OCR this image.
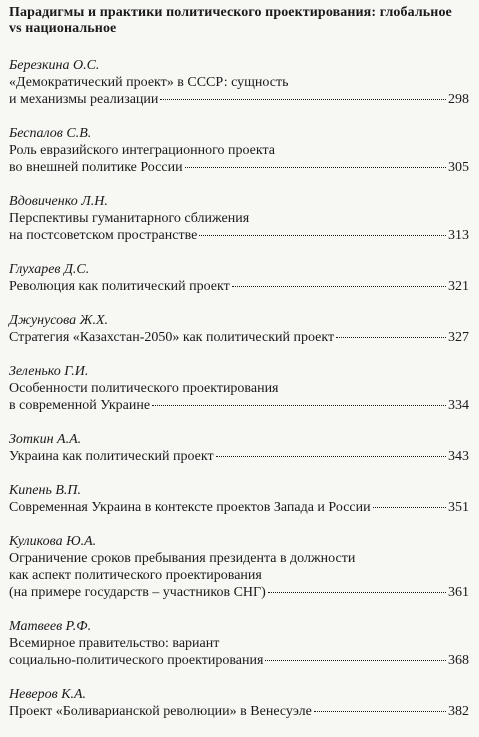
Парадигмы и практики политического проектирования: глобальное
vs национальное
Березкина О.С.
«Демократический проект» в СССР: сущность
и механизмы реализации	298
Беспалов С.В.
Роль евразийского интеграционного проекта
во внешней политике России	305
Вдовиченко Л.Н.
Перспективы гуманитарного сближения
на постсоветском пространстве	313
Глухарев Д.С.
Революция как политический проект	321
Джунусова Ж.Х.
Стратегия «Казахстан-2050» как политический проект	327
Зеленько Г.И.
Особенности политического проектирования
в современной Украине	334
Зоткин А.А.
Украина как политический проект	343
Кипень В.П.
Современная Украина в контексте проектов Запада и России	351
Куликова Ю.А.
Ограничение сроков пребывания президента в должности
как аспект политического проектирования
(на примере государств – участников СНГ)	361
Матвеев Р.Ф.
Всемирное правительство: вариант
социально-политического проектирования	368
Неверов К.А.
Проект «Боливарианской революции» в Венесуэле	382
